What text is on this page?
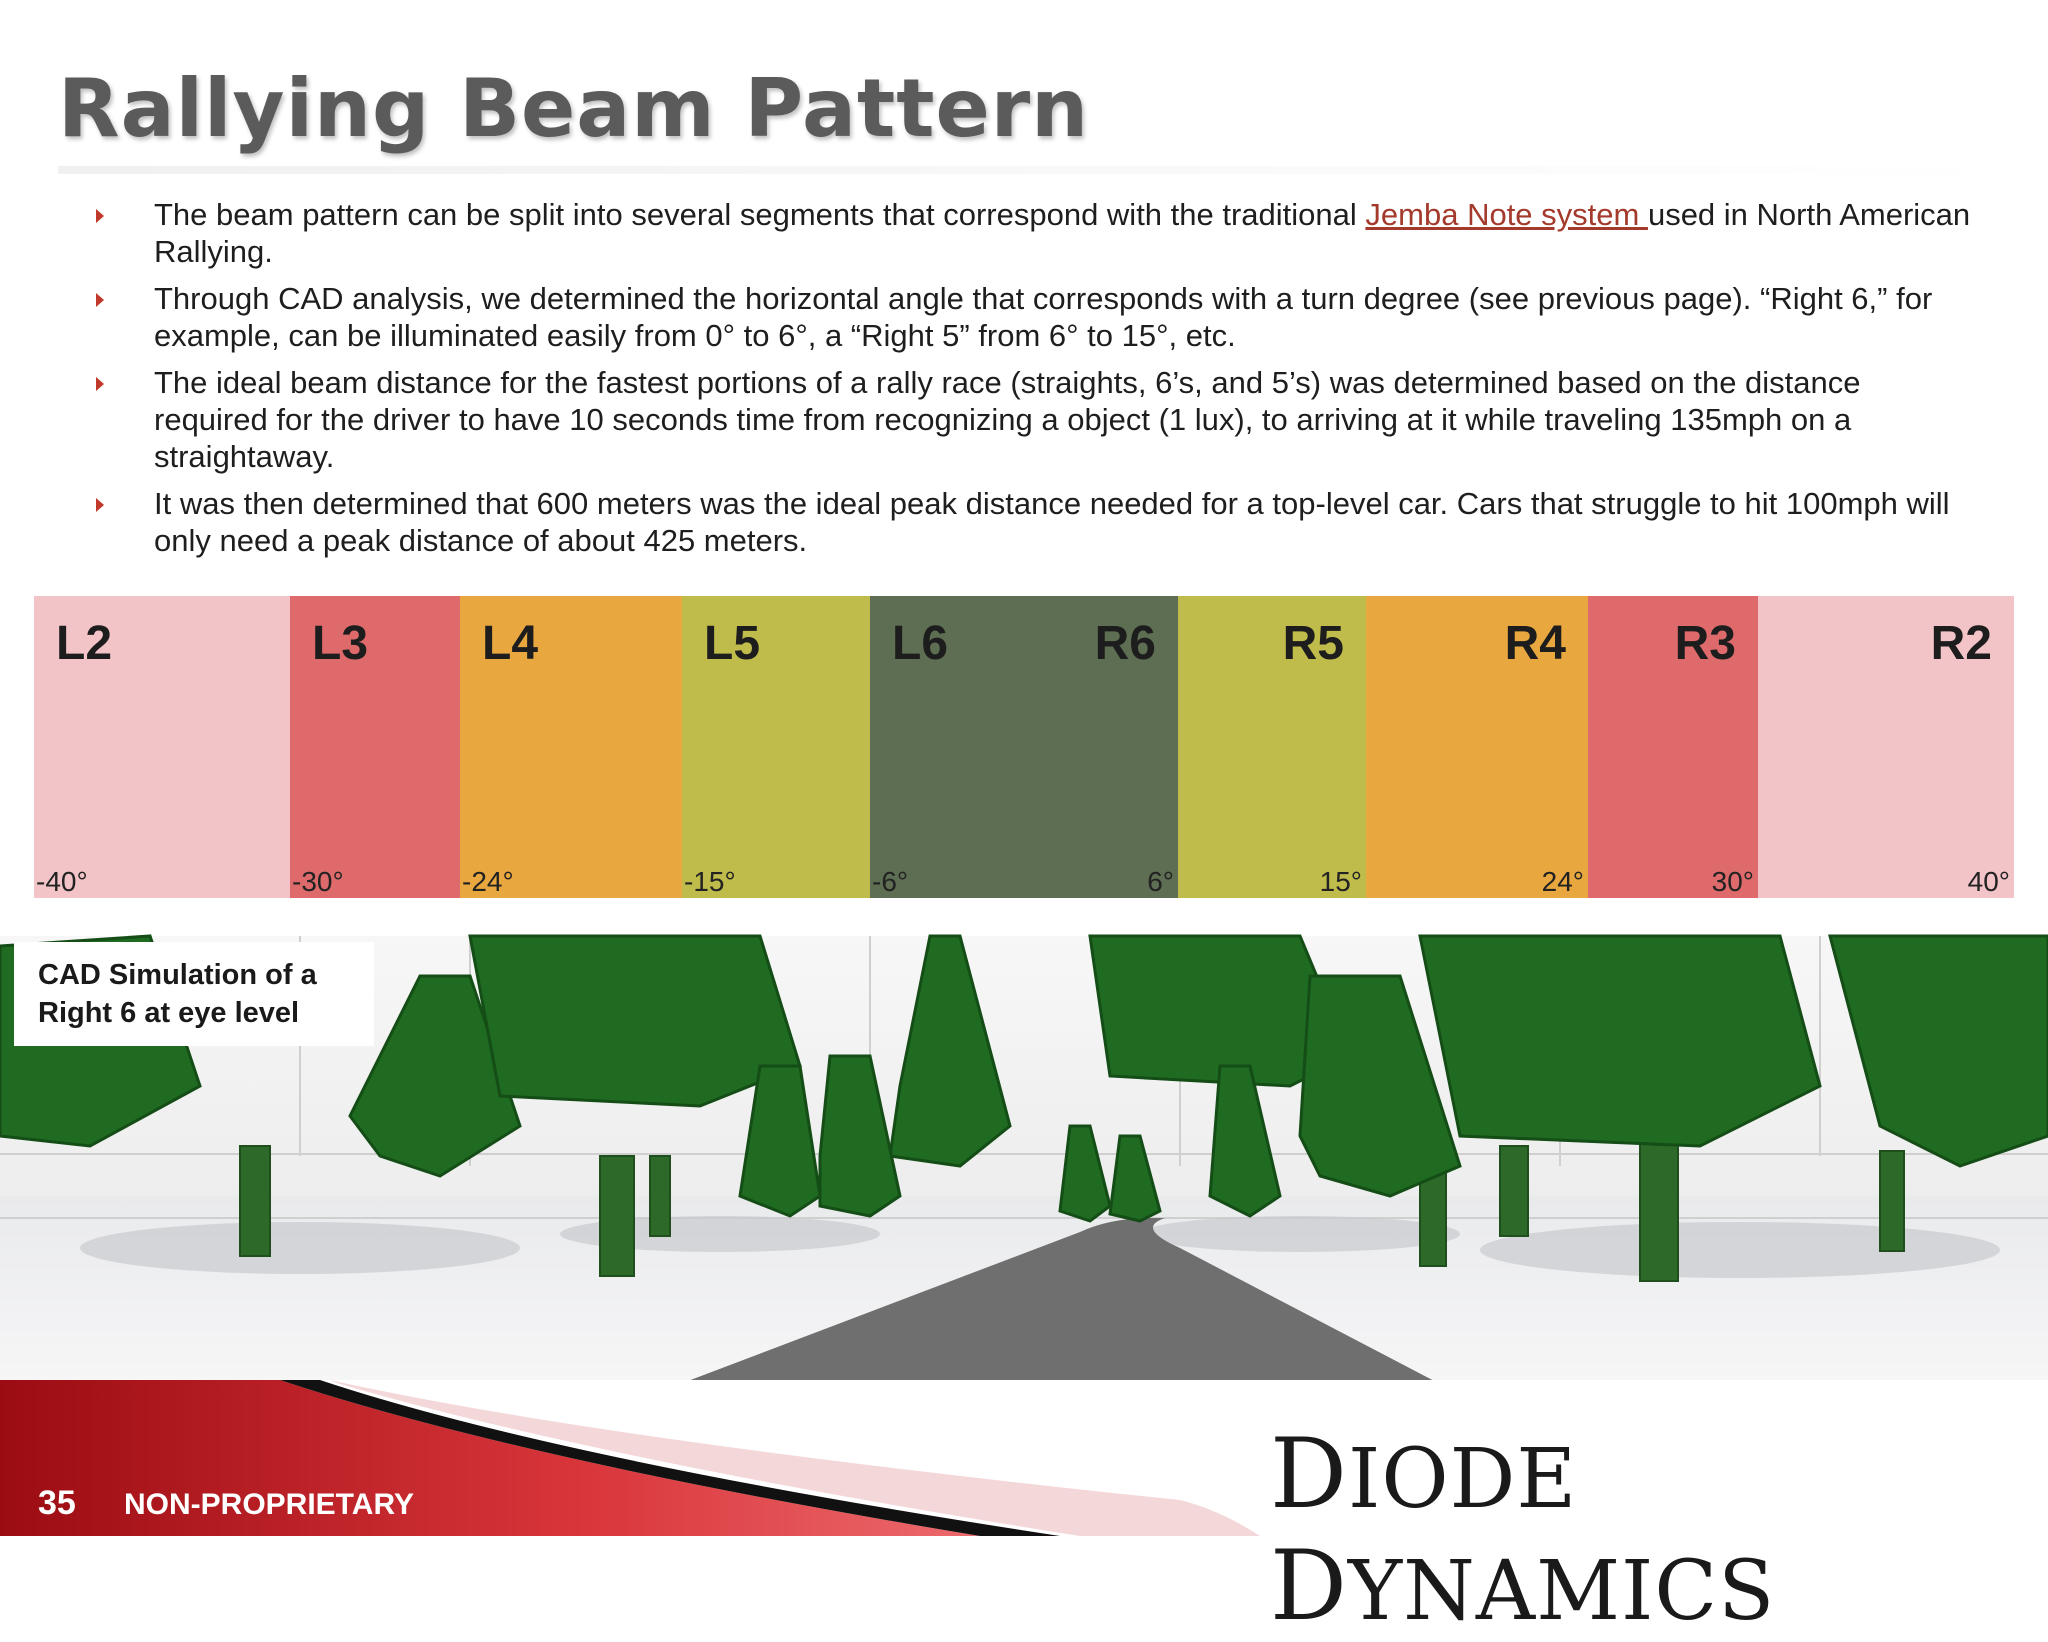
Rallying Beam Pattern
The beam pattern can be split into several segments that correspond with the traditional Jemba Note system used in North American Rallying.
Through CAD analysis, we determined the horizontal angle that corresponds with a turn degree (see previous page). “Right 6,” for example, can be illuminated easily from 0° to 6°, a “Right 5” from 6° to 15°, etc.
The ideal beam distance for the fastest portions of a rally race (straights, 6’s, and 5’s) was determined based on the distance required for the driver to have 10 seconds time from recognizing a object (1 lux), to arriving at it while traveling 135mph on a straightaway.
It was then determined that 600 meters was the ideal peak distance needed for a top-level car. Cars that struggle to hit 100mph will only need a peak distance of about 425 meters.
L2
-40°
L3
-30°
L4
-24°
L5
-15°
L6
-6°
R6
6°
R5
15°
R4
24°
R3
30°
R2
40°
CAD Simulation of a
Right 6 at eye level
35 NON-PROPRIETARY	DIODE DYNAMICS
